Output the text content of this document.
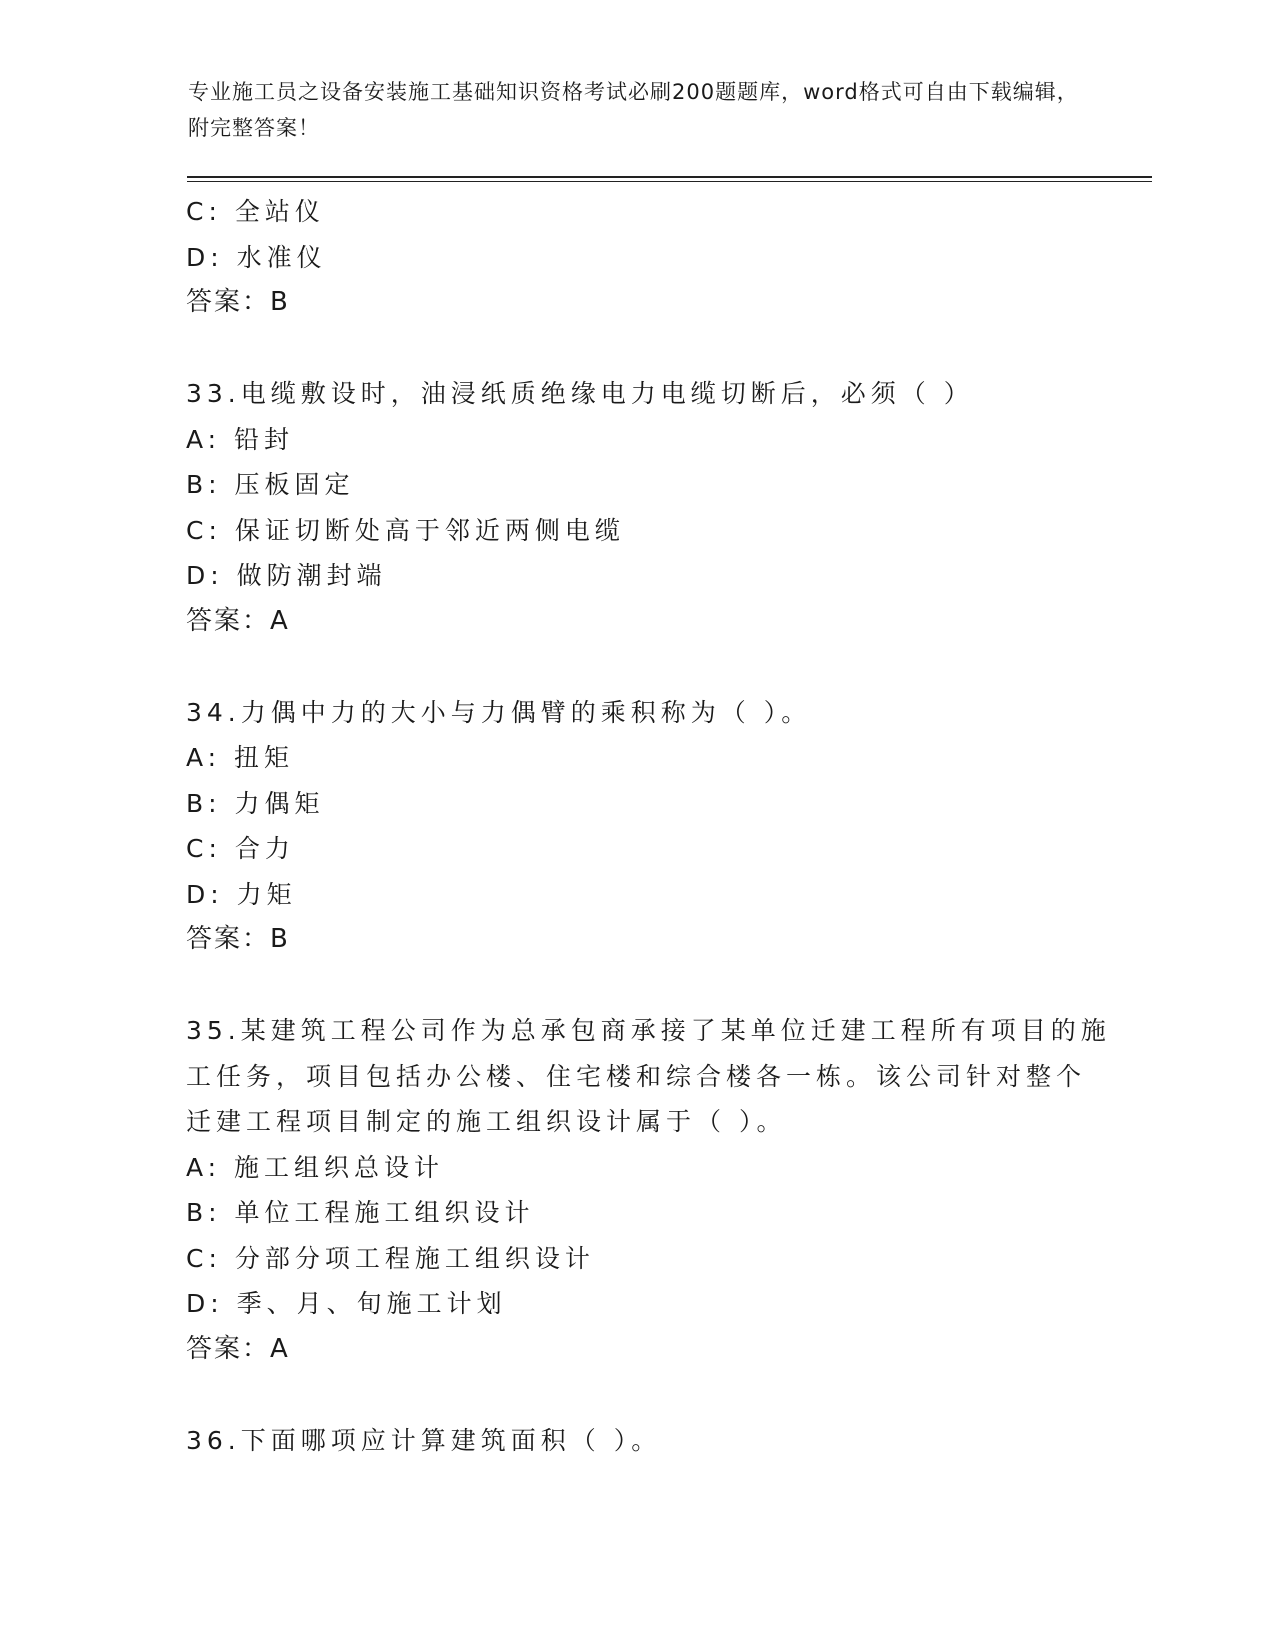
专业施工员之设备安装施工基础知识资格考试必刷200题题库，word格式可自由下载编辑，附完整答案！
C: 全站仪
D: 水准仪
答案：B
33.电缆敷设时，油浸纸质绝缘电力电缆切断后，必须（ ）
A: 铅封
B: 压板固定
C: 保证切断处高于邻近两侧电缆
D: 做防潮封端
答案：A
34.力偶中力的大小与力偶臂的乘积称为（ ）。
A: 扭矩
B: 力偶矩
C: 合力
D: 力矩
答案：B
35.某建筑工程公司作为总承包商承接了某单位迁建工程所有项目的施
工任务，项目包括办公楼、住宅楼和综合楼各一栋。该公司针对整个
迁建工程项目制定的施工组织设计属于（ ）。
A: 施工组织总设计
B: 单位工程施工组织设计
C: 分部分项工程施工组织设计
D: 季、月、旬施工计划
答案：A
36.下面哪项应计算建筑面积（ ）。
